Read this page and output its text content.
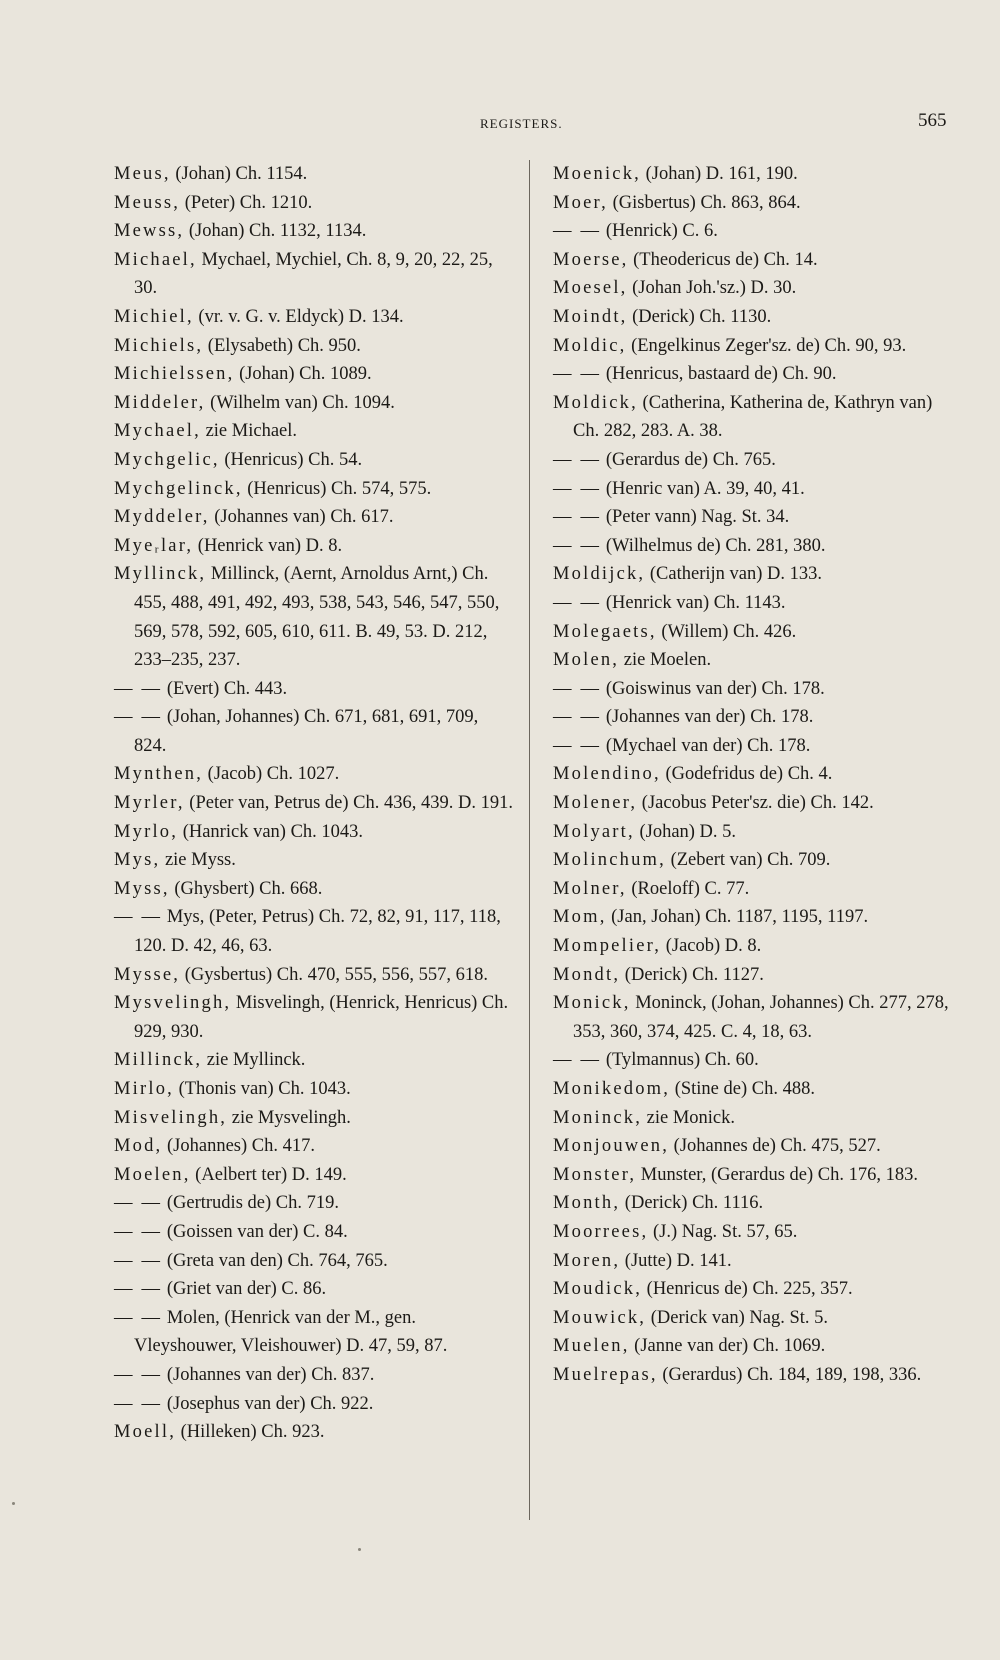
REGISTERS.	565
Meus, (Johan) Ch. 1154.
Meuss, (Peter) Ch. 1210.
Mewss, (Johan) Ch. 1132, 1134.
Michael, Mychael, Mychiel, Ch. 8, 9, 20, 22, 25, 30.
Michiel, (vr. v. G. v. Eldyck) D. 134.
Michiels, (Elysabeth) Ch. 950.
Michielssen, (Johan) Ch. 1089.
Middeler, (Wilhelm van) Ch. 1094.
Mychael, zie Michael.
Mychgelic, (Henricus) Ch. 54.
Mychgelinck, (Henricus) Ch. 574, 575.
Myddeler, (Johannes van) Ch. 617.
Myeᵣlar, (Henrick van) D. 8.
Myllinck, Millinck, (Aernt, Arnoldus Arnt,) Ch. 455, 488, 491, 492, 493, 538, 543, 546, 547, 550, 569, 578, 592, 605, 610, 611. B. 49, 53. D. 212, 233–235, 237.
— — (Evert) Ch. 443.
— — (Johan, Johannes) Ch. 671, 681, 691, 709, 824.
Mynthen, (Jacob) Ch. 1027.
Myrler, (Peter van, Petrus de) Ch. 436, 439. D. 191.
Myrlo, (Hanrick van) Ch. 1043.
Mys, zie Myss.
Myss, (Ghysbert) Ch. 668.
— — Mys, (Peter, Petrus) Ch. 72, 82, 91, 117, 118, 120. D. 42, 46, 63.
Mysse, (Gysbertus) Ch. 470, 555, 556, 557, 618.
Mysvelingh, Misvelingh, (Henrick, Henricus) Ch. 929, 930.
Millinck, zie Myllinck.
Mirlo, (Thonis van) Ch. 1043.
Misvelingh, zie Mysvelingh.
Mod, (Johannes) Ch. 417.
Moelen, (Aelbert ter) D. 149.
— — (Gertrudis de) Ch. 719.
— — (Goissen van der) C. 84.
— — (Greta van den) Ch. 764, 765.
— — (Griet van der) C. 86.
— — Molen, (Henrick van der M., gen. Vleyshouwer, Vleishouwer) D. 47, 59, 87.
— — (Johannes van der) Ch. 837.
— — (Josephus van der) Ch. 922.
Moell, (Hilleken) Ch. 923.
Moenick, (Johan) D. 161, 190.
Moer, (Gisbertus) Ch. 863, 864.
— — (Henrick) C. 6.
Moerse, (Theodericus de) Ch. 14.
Moesel, (Johan Joh.'sz.) D. 30.
Moindt, (Derick) Ch. 1130.
Moldic, (Engelkinus Zeger'sz. de) Ch. 90, 93.
— — (Henricus, bastaard de) Ch. 90.
Moldick, (Catherina, Katherina de, Kathryn van) Ch. 282, 283. A. 38.
— — (Gerardus de) Ch. 765.
— — (Henric van) A. 39, 40, 41.
— — (Peter vann) Nag. St. 34.
— — (Wilhelmus de) Ch. 281, 380.
Moldijck, (Catherijn van) D. 133.
— — (Henrick van) Ch. 1143.
Molegaets, (Willem) Ch. 426.
Molen, zie Moelen.
— — (Goiswinus van der) Ch. 178.
— — (Johannes van der) Ch. 178.
— — (Mychael van der) Ch. 178.
Molendino, (Godefridus de) Ch. 4.
Molener, (Jacobus Peter'sz. die) Ch. 142.
Molyart, (Johan) D. 5.
Molinchum, (Zebert van) Ch. 709.
Molner, (Roeloff) C. 77.
Mom, (Jan, Johan) Ch. 1187, 1195, 1197.
Mompelier, (Jacob) D. 8.
Mondt, (Derick) Ch. 1127.
Monick, Moninck, (Johan, Johannes) Ch. 277, 278, 353, 360, 374, 425. C. 4, 18, 63.
— — (Tylmannus) Ch. 60.
Monikedom, (Stine de) Ch. 488.
Moninck, zie Monick.
Monjouwen, (Johannes de) Ch. 475, 527.
Monster, Munster, (Gerardus de) Ch. 176, 183.
Month, (Derick) Ch. 1116.
Moorrees, (J.) Nag. St. 57, 65.
Moren, (Jutte) D. 141.
Moudick, (Henricus de) Ch. 225, 357.
Mouwick, (Derick van) Nag. St. 5.
Muelen, (Janne van der) Ch. 1069.
Muelrepas, (Gerardus) Ch. 184, 189, 198, 336.
